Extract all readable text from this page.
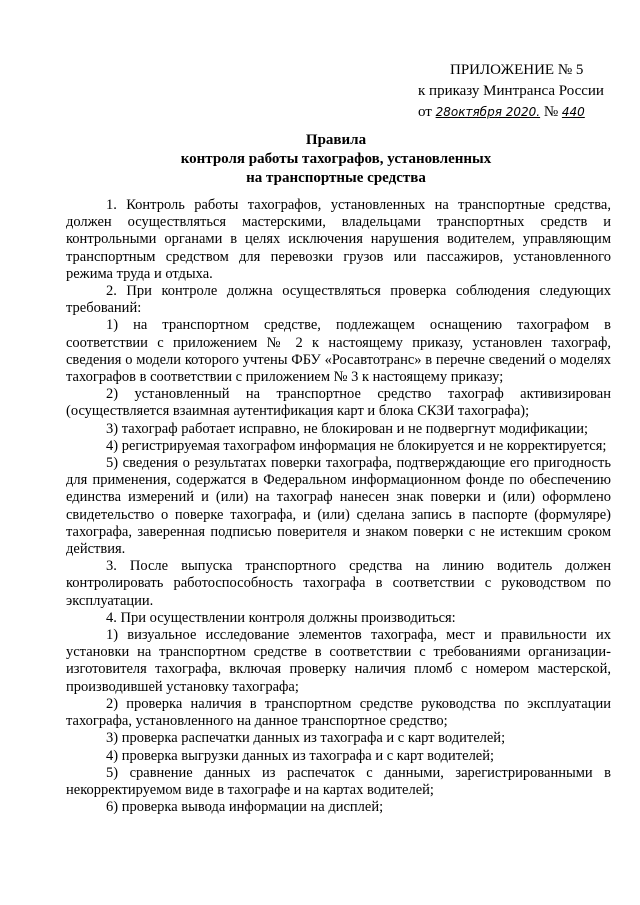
ПРИЛОЖЕНИЕ № 5
к приказу Минтранса России
от 28октября 2020. № 440
Правила
контроля работы тахографов, установленных
на транспортные средства

1. Контроль работы тахографов, установленных на транспортные средства, должен осуществляться мастерскими, владельцами транспортных средств и контрольными органами в целях исключения нарушения водителем, управляющим транспортным средством для перевозки грузов или пассажиров, установленного режима труда и отдыха.

2. При контроле должна осуществляться проверка соблюдения следующих требований:

1) на транспортном средстве, подлежащем оснащению тахографом в соответствии с приложением № 2 к настоящему приказу, установлен тахограф, сведения о модели которого учтены ФБУ «Росавтотранс» в перечне сведений о моделях тахографов в соответствии с приложением № 3 к настоящему приказу;

2) установленный на транспортное средство тахограф активизирован (осуществляется взаимная аутентификация карт и блока СКЗИ тахографа);

3) тахограф работает исправно, не блокирован и не подвергнут модификации;

4) регистрируемая тахографом информация не блокируется и не корректируется;

5) сведения о результатах поверки тахографа, подтверждающие его пригодность для применения, содержатся в Федеральном информационном фонде по обеспечению единства измерений и (или) на тахограф нанесен знак поверки и (или) оформлено свидетельство о поверке тахографа, и (или) сделана запись в паспорте (формуляре) тахографа, заверенная подписью поверителя и знаком поверки с не истекшим сроком действия.

3. После выпуска транспортного средства на линию водитель должен контролировать работоспособность тахографа в соответствии с руководством по эксплуатации.

4. При осуществлении контроля должны производиться:

1) визуальное исследование элементов тахографа, мест и правильности их установки на транспортном средстве в соответствии с требованиями организации-изготовителя тахографа, включая проверку наличия пломб с номером мастерской, производившей установку тахографа;

2) проверка наличия в транспортном средстве руководства по эксплуатации тахографа, установленного на данное транспортное средство;

3) проверка распечатки данных из тахографа и с карт водителей;

4) проверка выгрузки данных из тахографа и с карт водителей;

5) сравнение данных из распечаток с данными, зарегистрированными в некорректируемом виде в тахографе и на картах водителей;

6) проверка вывода информации на дисплей;
